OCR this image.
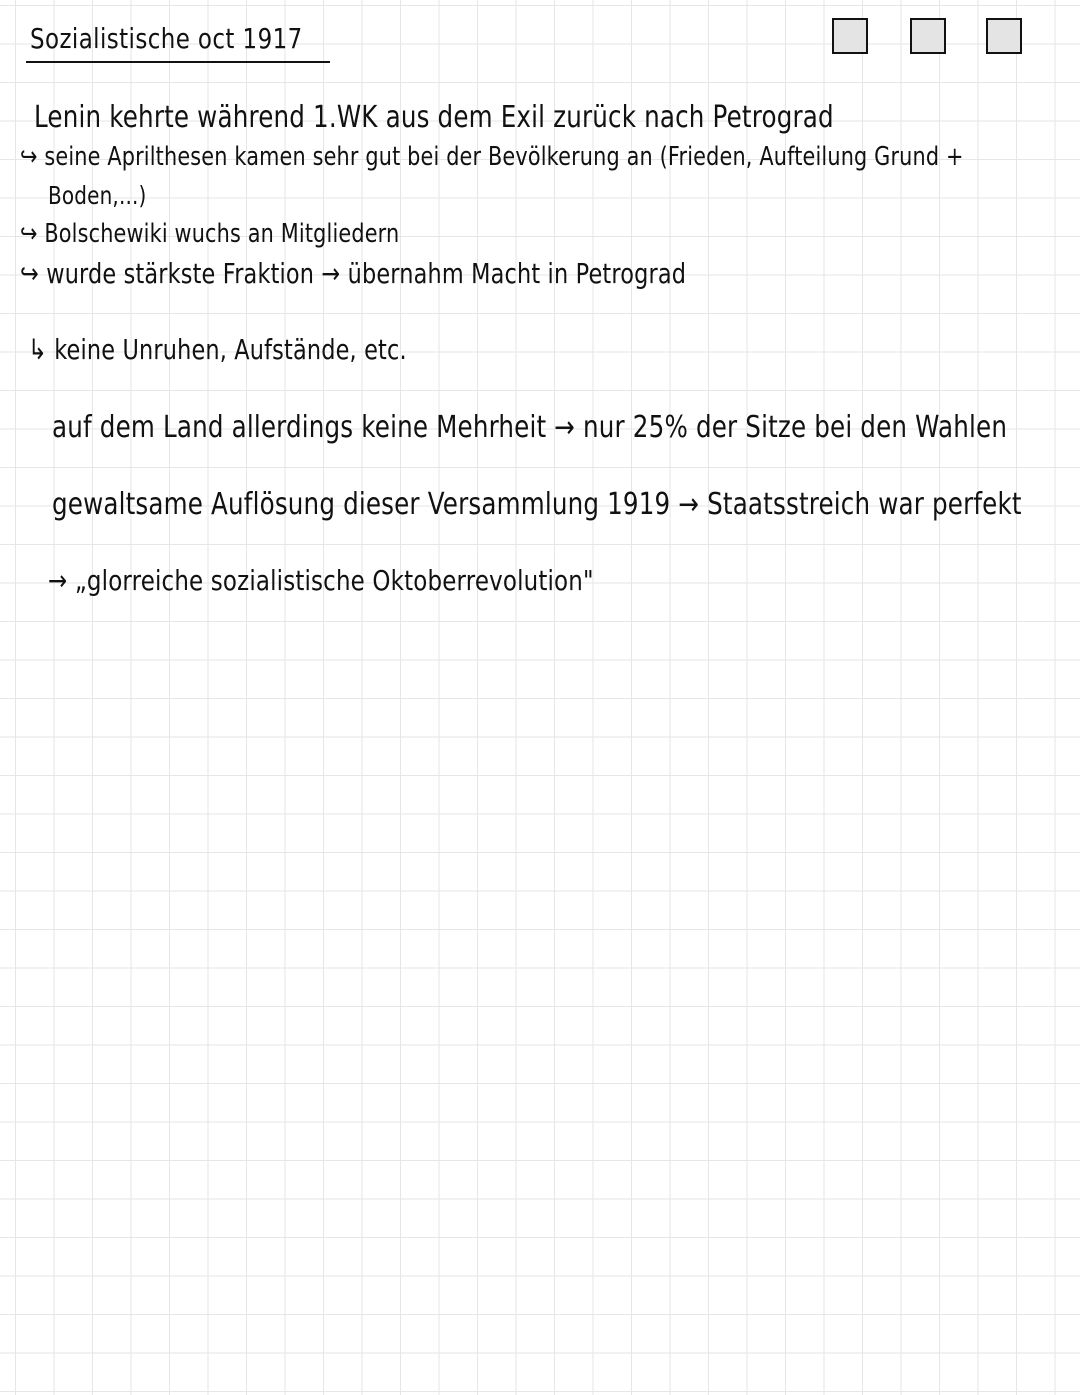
Sozialistische oct 1917
Lenin kehrte während 1.WK aus dem Exil zurück nach Petrograd
↪ seine Aprilthesen kamen sehr gut bei der Bevölkerung an (Frieden, Aufteilung Grund +
Boden,...)
↪ Bolschewiki wuchs an Mitgliedern
↪ wurde stärkste Fraktion → übernahm Macht in Petrograd
↳ keine Unruhen, Aufstände, etc.
auf dem Land allerdings keine Mehrheit → nur 25% der Sitze bei den Wahlen
gewaltsame Auflösung dieser Versammlung 1919 → Staatsstreich war perfekt
→ „glorreiche sozialistische Oktoberrevolution"
